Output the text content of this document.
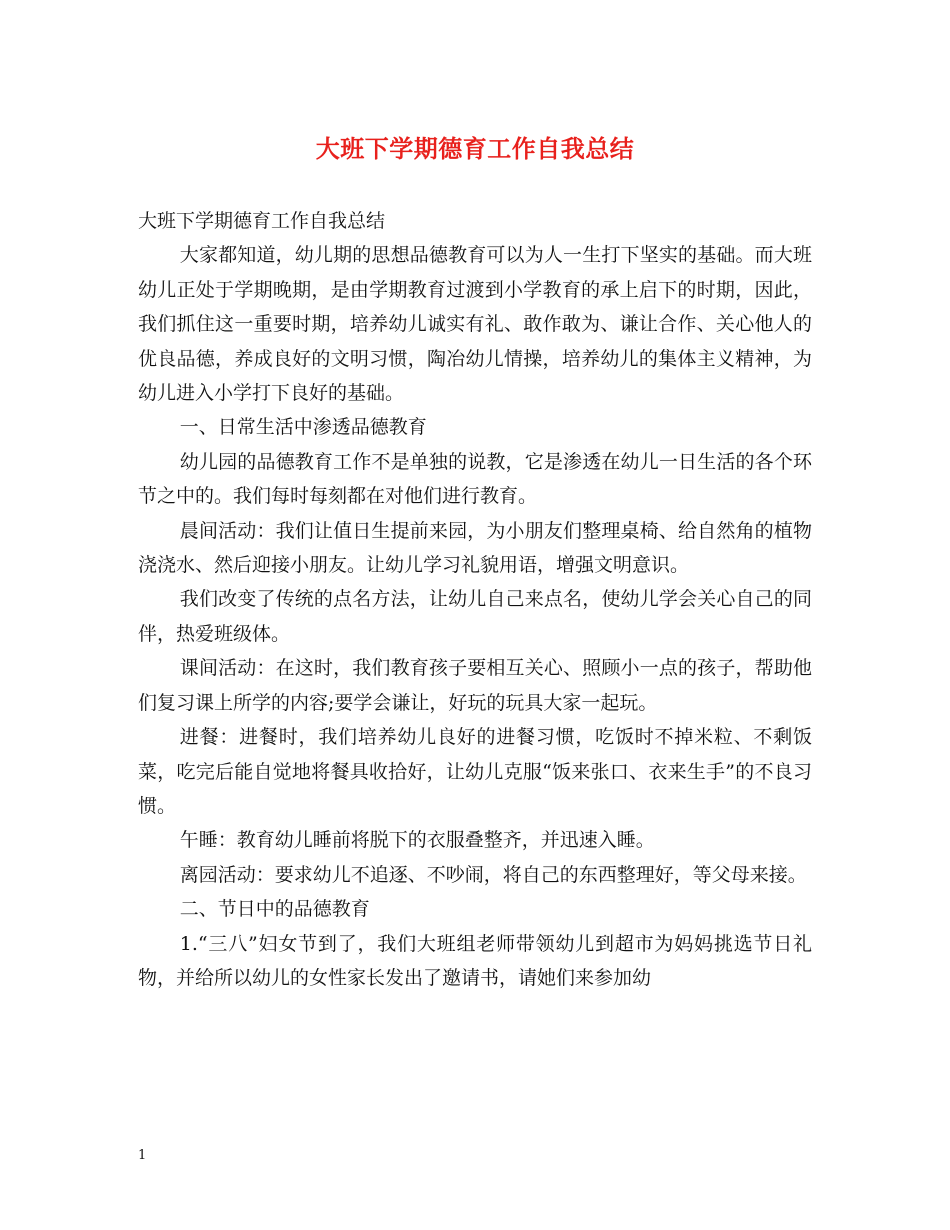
大班下学期德育工作自我总结

大班下学期德育工作自我总结

大家都知道，幼儿期的思想品德教育可以为人一生打下坚实的基础。而大班幼儿正处于学期晚期，是由学期教育过渡到小学教育的承上启下的时期，因此，我们抓住这一重要时期，培养幼儿诚实有礼、敢作敢为、谦让合作、关心他人的优良品德，养成良好的文明习惯，陶冶幼儿情操，培养幼儿的集体主义精神，为幼儿进入小学打下良好的基础。

一、日常生活中渗透品德教育

幼儿园的品德教育工作不是单独的说教，它是渗透在幼儿一日生活的各个环节之中的。我们每时每刻都在对他们进行教育。

晨间活动：我们让值日生提前来园，为小朋友们整理桌椅、给自然角的植物浇浇水、然后迎接小朋友。让幼儿学习礼貌用语，增强文明意识。

我们改变了传统的点名方法，让幼儿自己来点名，使幼儿学会关心自己的同伴，热爱班级体。

课间活动：在这时，我们教育孩子要相互关心、照顾小一点的孩子，帮助他们复习课上所学的内容;要学会谦让，好玩的玩具大家一起玩。

进餐：进餐时，我们培养幼儿良好的进餐习惯，吃饭时不掉米粒、不剩饭菜，吃完后能自觉地将餐具收拾好，让幼儿克服“饭来张口、衣来生手”的不良习惯。

午睡：教育幼儿睡前将脱下的衣服叠整齐，并迅速入睡。

离园活动：要求幼儿不追逐、不吵闹，将自己的东西整理好，等父母来接。

二、节日中的品德教育

1.“三八”妇女节到了，我们大班组老师带领幼儿到超市为妈妈挑选节日礼物，并给所以幼儿的女性家长发出了邀请书，请她们来参加幼

1
